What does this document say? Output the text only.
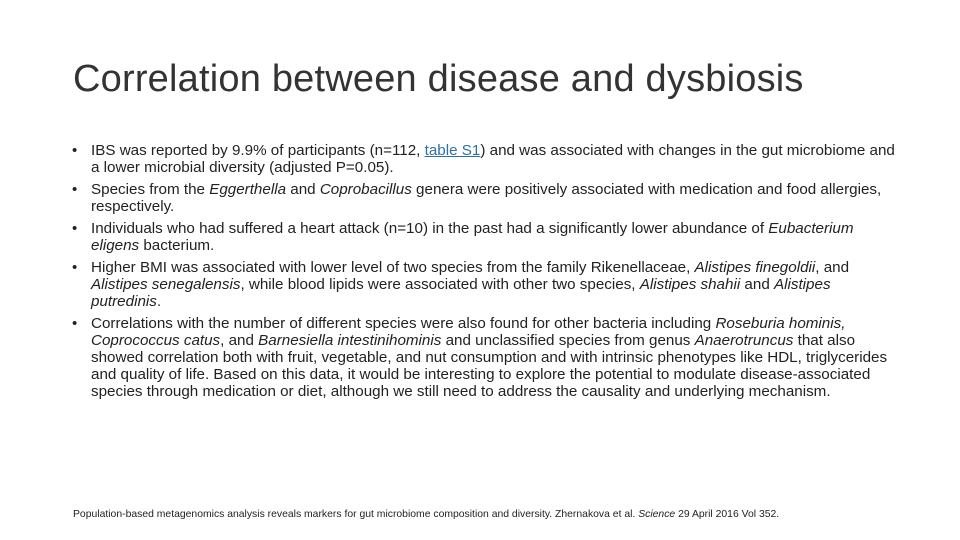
Correlation between disease and dysbiosis
• IBS was reported by 9.9% of participants (n=112, table S1) and was associated with changes in the gut microbiome and a lower microbial diversity (adjusted P=0.05).
• Species from the Eggerthella and Coprobacillus genera were positively associated with medication and food allergies, respectively.
• Individuals who had suffered a heart attack (n=10) in the past had a significantly lower abundance of Eubacterium eligens bacterium.
• Higher BMI was associated with lower level of two species from the family Rikenellaceae, Alistipes finegoldii, and Alistipes senegalensis, while blood lipids were associated with other two species, Alistipes shahii and Alistipes putredinis.
• Correlations with the number of different species were also found for other bacteria including Roseburia hominis, Coprococcus catus, and Barnesiella intestinihominis and unclassified species from genus Anaerotruncus that also showed correlation both with fruit, vegetable, and nut consumption and with intrinsic phenotypes like HDL, triglycerides and quality of life. Based on this data, it would be interesting to explore the potential to modulate disease-associated species through medication or diet, although we still need to address the causality and underlying mechanism.
Population-based metagenomics analysis reveals markers for gut microbiome composition and diversity. Zhernakova et al. Science 29 April 2016 Vol 352.
